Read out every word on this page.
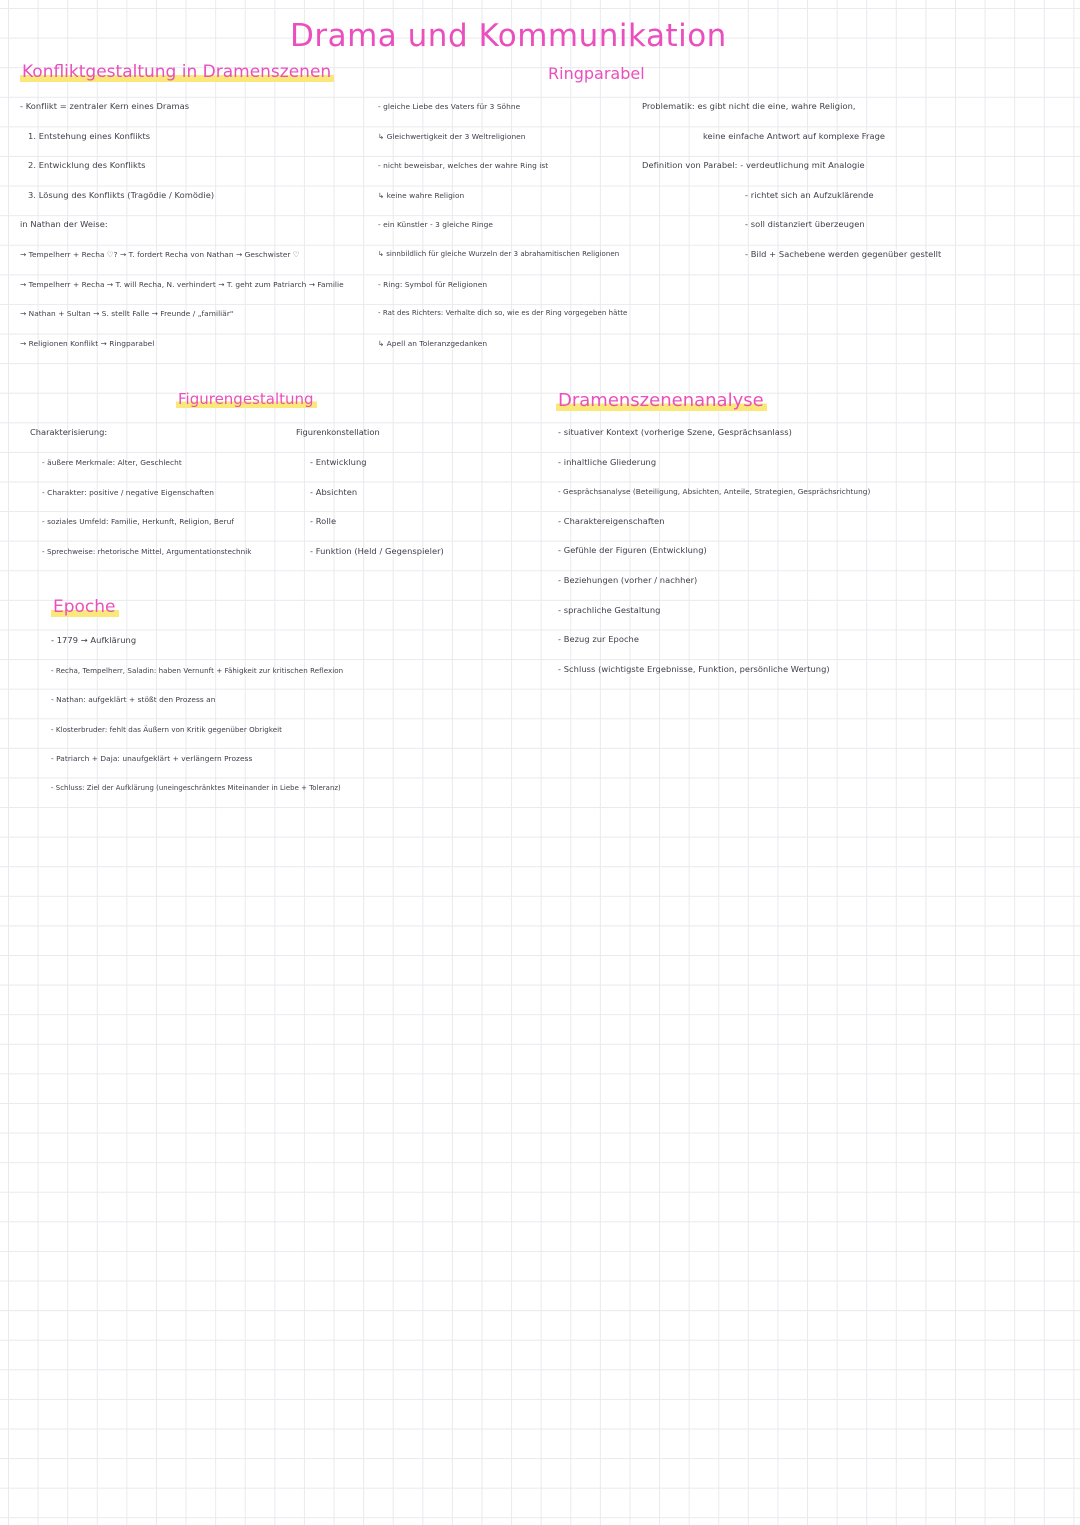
Drama und Kommunikation
Konfliktgestaltung in Dramenszenen
- Konflikt = zentraler Kern eines Dramas
1. Entstehung eines Konflikts
2. Entwicklung des Konflikts
3. Lösung des Konflikts (Tragödie / Komödie)
in Nathan der Weise:
→ Tempelherr + Recha ♡? → T. fordert Recha von Nathan → Geschwister ♡
→ Tempelherr + Recha → T. will Recha, N. verhindert → T. geht zum Patriarch → Familie
→ Nathan + Sultan → S. stellt Falle → Freunde / „familiär"
→ Religionen Konflikt → Ringparabel
Ringparabel
- gleiche Liebe des Vaters für 3 Söhne
↳ Gleichwertigkeit der 3 Weltreligionen
- nicht beweisbar, welches der wahre Ring ist
↳ keine wahre Religion
- ein Künstler - 3 gleiche Ringe
↳ sinnbildlich für gleiche Wurzeln der 3 abrahamitischen Religionen
- Ring: Symbol für Religionen
- Rat des Richters: Verhalte dich so, wie es der Ring vorgegeben hätte
↳ Apell an Toleranzgedanken
Problematik: es gibt nicht die eine, wahre Religion,
keine einfache Antwort auf komplexe Frage
Definition von Parabel: - verdeutlichung mit Analogie
- richtet sich an Aufzuklärende
- soll distanziert überzeugen
- Bild + Sachebene werden gegenüber gestellt
Figurengestaltung
Charakterisierung:
- äußere Merkmale: Alter, Geschlecht
- Charakter: positive / negative Eigenschaften
- soziales Umfeld: Familie, Herkunft, Religion, Beruf
- Sprechweise: rhetorische Mittel, Argumentationstechnik
Figurenkonstellation
- Entwicklung
- Absichten
- Rolle
- Funktion (Held / Gegenspieler)
Epoche
- 1779 → Aufklärung
- Recha, Tempelherr, Saladin: haben Vernunft + Fähigkeit zur kritischen Reflexion
- Nathan: aufgeklärt + stößt den Prozess an
- Klosterbruder: fehlt das Äußern von Kritik gegenüber Obrigkeit
- Patriarch + Daja: unaufgeklärt + verlängern Prozess
- Schluss: Ziel der Aufklärung (uneingeschränktes Miteinander in Liebe + Toleranz)
Dramenszenenanalyse
- situativer Kontext (vorherige Szene, Gesprächsanlass)
- inhaltliche Gliederung
- Gesprächsanalyse (Beteiligung, Absichten, Anteile, Strategien, Gesprächsrichtung)
- Charaktereigenschaften
- Gefühle der Figuren (Entwicklung)
- Beziehungen (vorher / nachher)
- sprachliche Gestaltung
- Bezug zur Epoche
- Schluss (wichtigste Ergebnisse, Funktion, persönliche Wertung)
